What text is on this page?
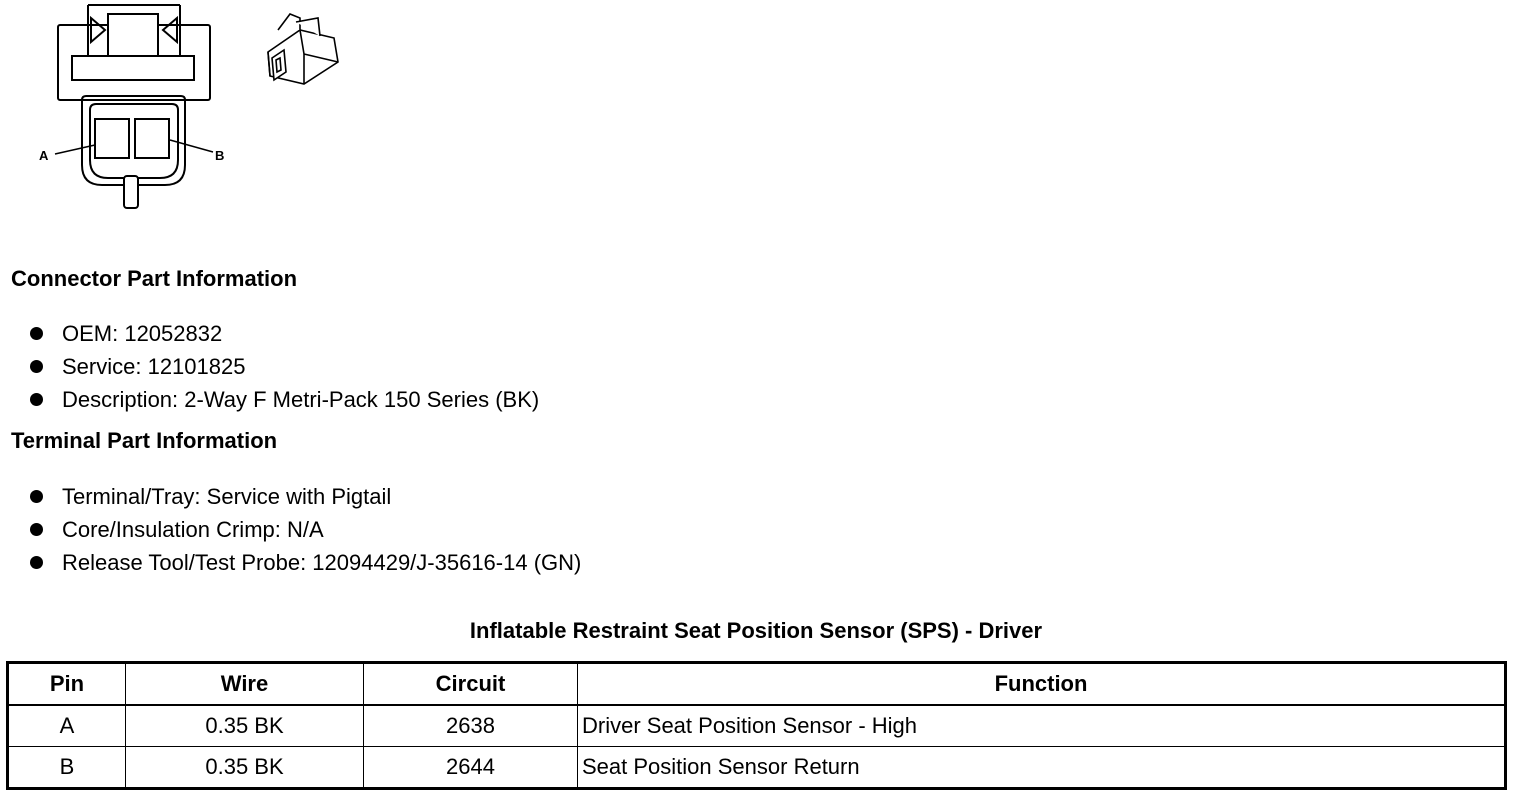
A	B
Connector Part Information
OEM: 12052832
Service: 12101825
Description: 2-Way F Metri-Pack 150 Series (BK)
Terminal Part Information
Terminal/Tray: Service with Pigtail
Core/Insulation Crimp: N/A
Release Tool/Test Probe: 12094429/J-35616-14 (GN)
Inflatable Restraint Seat Position Sensor (SPS) - Driver
Pin	Wire	Circuit	Function
A	0.35 BK	2638	Driver Seat Position Sensor - High
B	0.35 BK	2644	Seat Position Sensor Return
